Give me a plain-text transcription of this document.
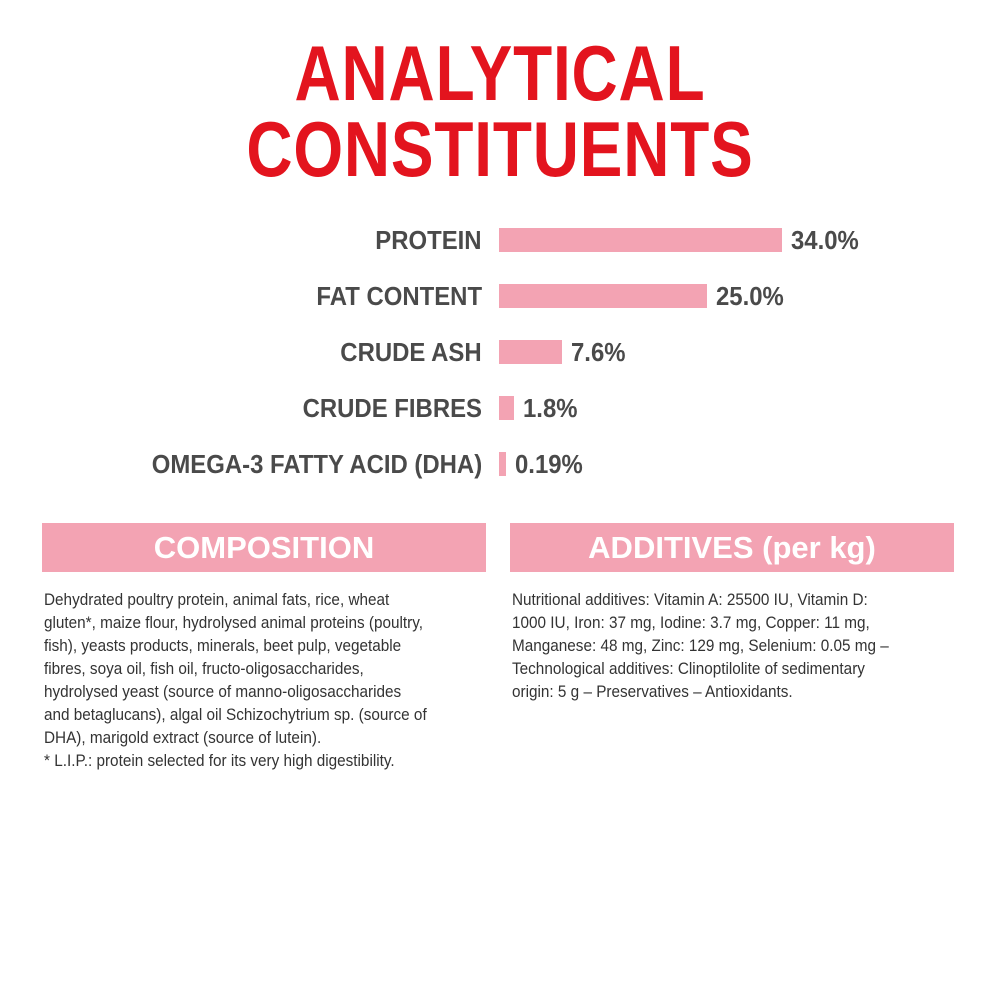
ANALYTICAL
CONSTITUENTS
PROTEIN	34.0%
FAT CONTENT	25.0%
CRUDE ASH	7.6%
CRUDE FIBRES 1.8%
OMEGA-3 FATTY ACID (DHA) 0.19%
COMPOSITION	ADDITIVES (per kg)
Dehydrated poultry protein, animal fats, rice, wheat
gluten*, maize flour, hydrolysed animal proteins (poultry,
fish), yeasts products, minerals, beet pulp, vegetable
fibres, soya oil, fish oil, fructo-oligosaccharides,
hydrolysed yeast (source of manno-oligosaccharides
and betaglucans), algal oil Schizochytrium sp. (source of
DHA), marigold extract (source of lutein).
* L.I.P.: protein selected for its very high digestibility.
Nutritional additives: Vitamin A: 25500 IU, Vitamin D:
1000 IU, Iron: 37 mg, Iodine: 3.7 mg, Copper: 11 mg,
Manganese: 48 mg, Zinc: 129 mg, Selenium: 0.05 mg –
Technological additives: Clinoptilolite of sedimentary
origin: 5 g – Preservatives – Antioxidants.
